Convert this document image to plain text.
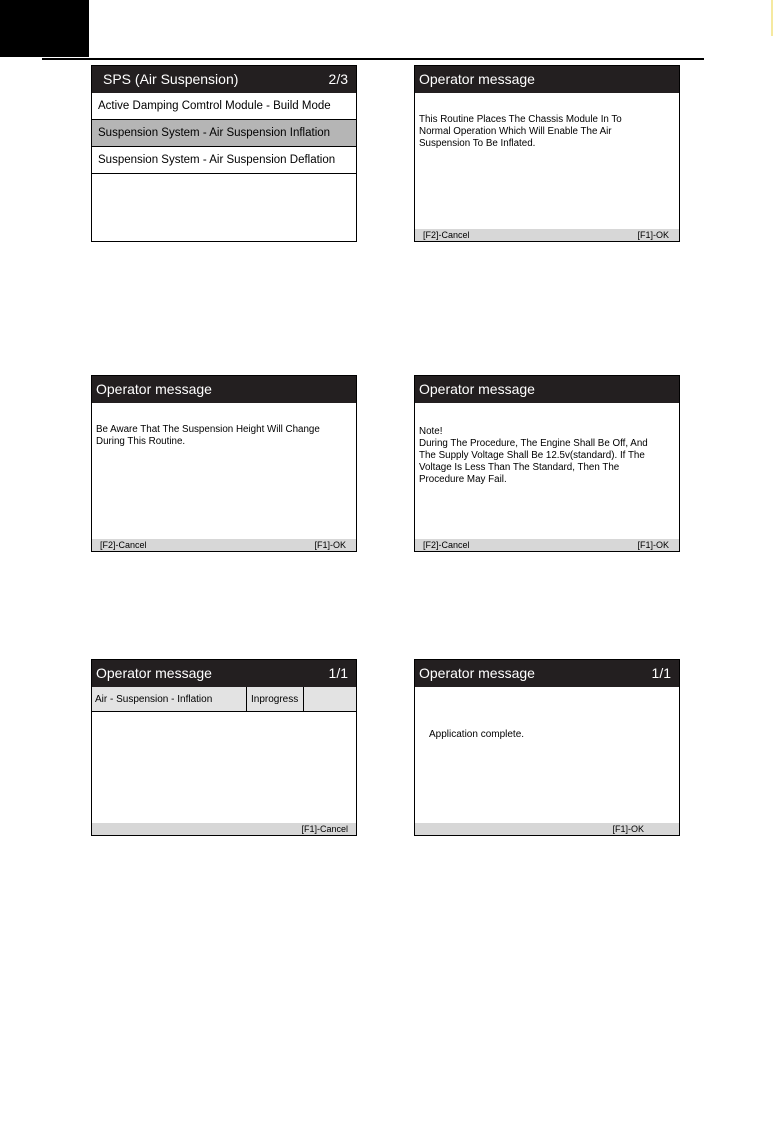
SPS (Air Suspension)	2/3
Active Damping Comtrol Module - Build Mode
Suspension System - Air Suspension Inflation
Suspension System - Air Suspension Deflation
Operator message
This Routine Places The Chassis Module In To
Normal Operation Which Will Enable The Air
Suspension To Be Inflated.
[F2]-Cancel	[F1]-OK
Operator message
Be Aware That The Suspension Height Will Change
During This Routine.
[F2]-Cancel	[F1]-OK
Operator message
Note!
During The Procedure, The Engine Shall Be Off, And
The Supply Voltage Shall Be 12.5v(standard). If The
Voltage Is Less Than The Standard, Then The
Procedure May Fail.
[F2]-Cancel	[F1]-OK
Operator message	1/1
Air - Suspension - Inflation	Inprogress
[F1]-Cancel
Operator message	1/1
Application complete.
[F1]-OK
